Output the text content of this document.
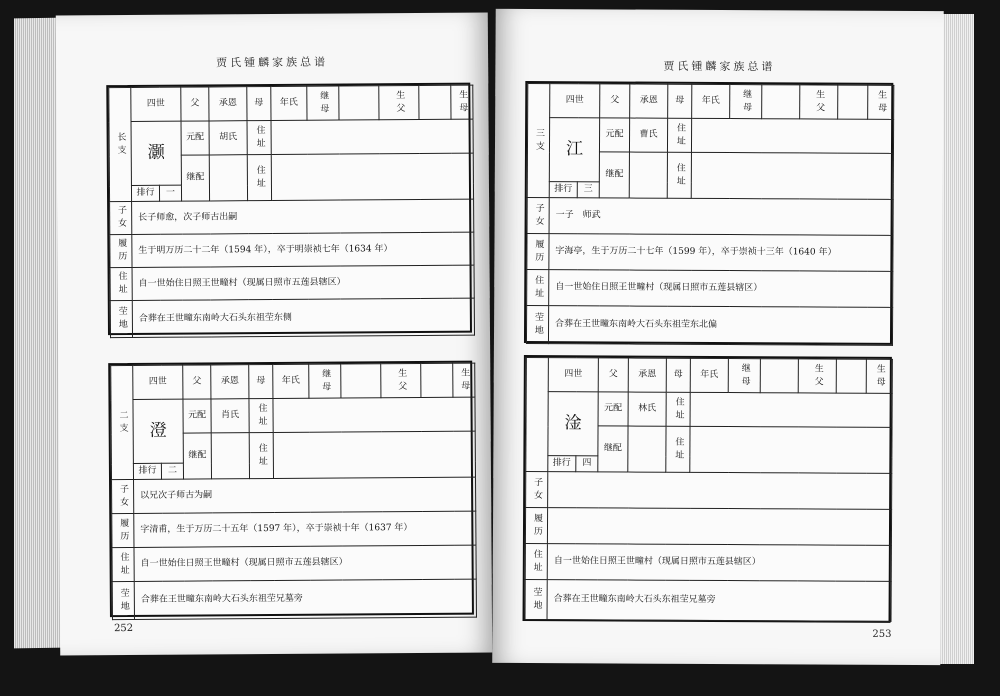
贾氏锺麟家族总谱
长支	四世		父	承恩	母	年氏	继母		生父		生母
	灏		元配	胡氏	住址						
			继配		住址						
	排行	一									
子女	长子师愈，次子师古出嗣										
履历	生于明万历二十二年（1594 年），卒于明崇祯七年（1634 年）										
住址	自一世始住日照王世疃村（现属日照市五莲县辖区）										
茔地	合葬在王世疃东南岭大石头东祖茔东侧										
二支	四世		父	承恩	母	年氏	继母		生父		生母
	澄		元配	肖氏	住址						
			继配		住址						
	排行	二									
子女	以兄次子师古为嗣										
履历	字清甫，生于万历二十五年（1597 年），卒于崇祯十年（1637 年）										
住址	自一世始住日照王世疃村（现属日照市五莲县辖区）										
茔地	合葬在王世疃东南岭大石头东祖茔兄墓旁										
252
贾氏锺麟家族总谱
三支	四世		父	承恩	母	年氏	继母		生父		生母
	江		元配	曹氏	住址						
			继配		住址						
	排行	三									
子女	一子　师武										
履历	字海亭，生于万历二十七年（1599 年），卒于崇祯十三年（1640 年）										
住址	自一世始住日照王世疃村（现属日照市五莲县辖区）										
茔地	合葬在王世疃东南岭大石头东祖茔东北偏										
	四世		父	承恩	母	年氏	继母		生父		生母
	淦		元配	林氏	住址						
			继配		住址						
	排行	四									
子女											
履历											
住址	自一世始住日照王世疃村（现属日照市五莲县辖区）										
茔地	合葬在王世疃东南岭大石头东祖茔兄墓旁										
253
